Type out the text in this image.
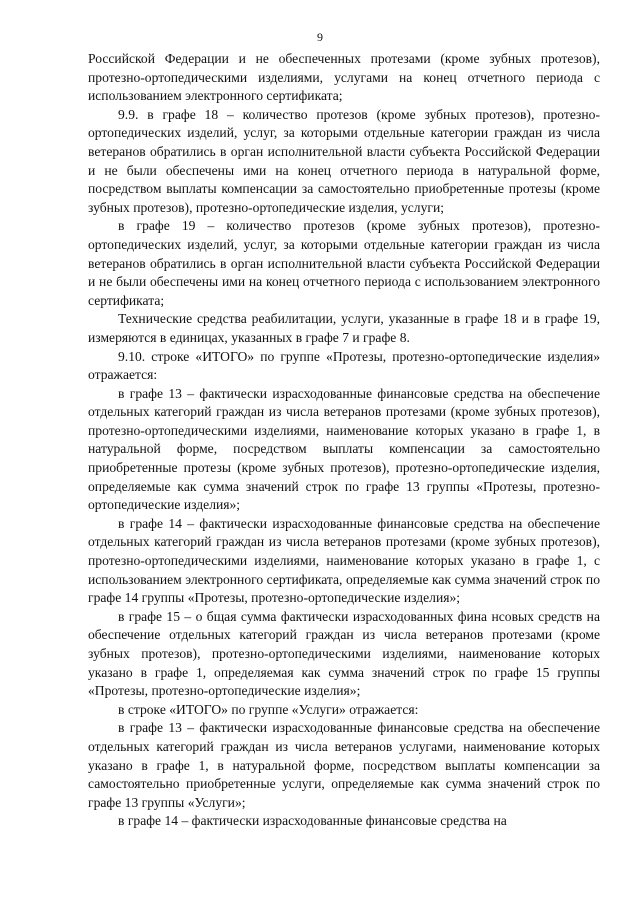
9

Российской Федерации и не обеспеченных протезами (кроме зубных протезов), протезно-ортопедическими изделиями, услугами на конец отчетного периода с использованием электронного сертификата;

9.9. в графе 18 – количество протезов (кроме зубных протезов), протезно-ортопедических изделий, услуг, за которыми отдельные категории граждан из числа ветеранов обратились в орган исполнительной власти субъекта Российской Федерации и не были обеспечены ими на конец отчетного периода в натуральной форме, посредством выплаты компенсации за самостоятельно приобретенные протезы (кроме зубных протезов), протезно-ортопедические изделия, услуги;

в графе 19 – количество протезов (кроме зубных протезов), протезно-ортопедических изделий, услуг, за которыми отдельные категории граждан из числа ветеранов обратились в орган исполнительной власти субъекта Российской Федерации и не были обеспечены ими на конец отчетного периода с использованием электронного сертификата;

Технические средства реабилитации, услуги, указанные в графе 18 и в графе 19, измеряются в единицах, указанных в графе 7 и графе 8.

9.10. строке «ИТОГО» по группе «Протезы, протезно-ортопедические изделия» отражается:

в графе 13 – фактически израсходованные финансовые средства на обеспечение отдельных категорий граждан из числа ветеранов протезами (кроме зубных протезов), протезно-ортопедическими изделиями, наименование которых указано в графе 1, в натуральной форме, посредством выплаты компенсации за самостоятельно приобретенные протезы (кроме зубных протезов), протезно-ортопедические изделия, определяемые как сумма значений строк по графе 13 группы «Протезы, протезно-ортопедические изделия»;

в графе 14 – фактически израсходованные финансовые средства на обеспечение отдельных категорий граждан из числа ветеранов протезами (кроме зубных протезов), протезно-ортопедическими изделиями, наименование которых указано в графе 1, с использованием электронного сертификата, определяемые как сумма значений строк по графе 14 группы «Протезы, протезно-ортопедические изделия»;

в графе 15 – о бщая сумма фактически израсходованных фина нсовых средств на обеспечение отдельных категорий граждан из числа ветеранов протезами (кроме зубных протезов), протезно-ортопедическими изделиями, наименование которых указано в графе 1, определяемая как сумма значений строк по графе 15 группы «Протезы, протезно-ортопедические изделия»;

в строке «ИТОГО» по группе «Услуги» отражается:

в графе 13 – фактически израсходованные финансовые средства на обеспечение отдельных категорий граждан из числа ветеранов услугами, наименование которых указано в графе 1, в натуральной форме, посредством выплаты компенсации за самостоятельно приобретенные услуги, определяемые как сумма значений строк по графе 13 группы «Услуги»;

в графе 14 – фактически израсходованные финансовые средства на
